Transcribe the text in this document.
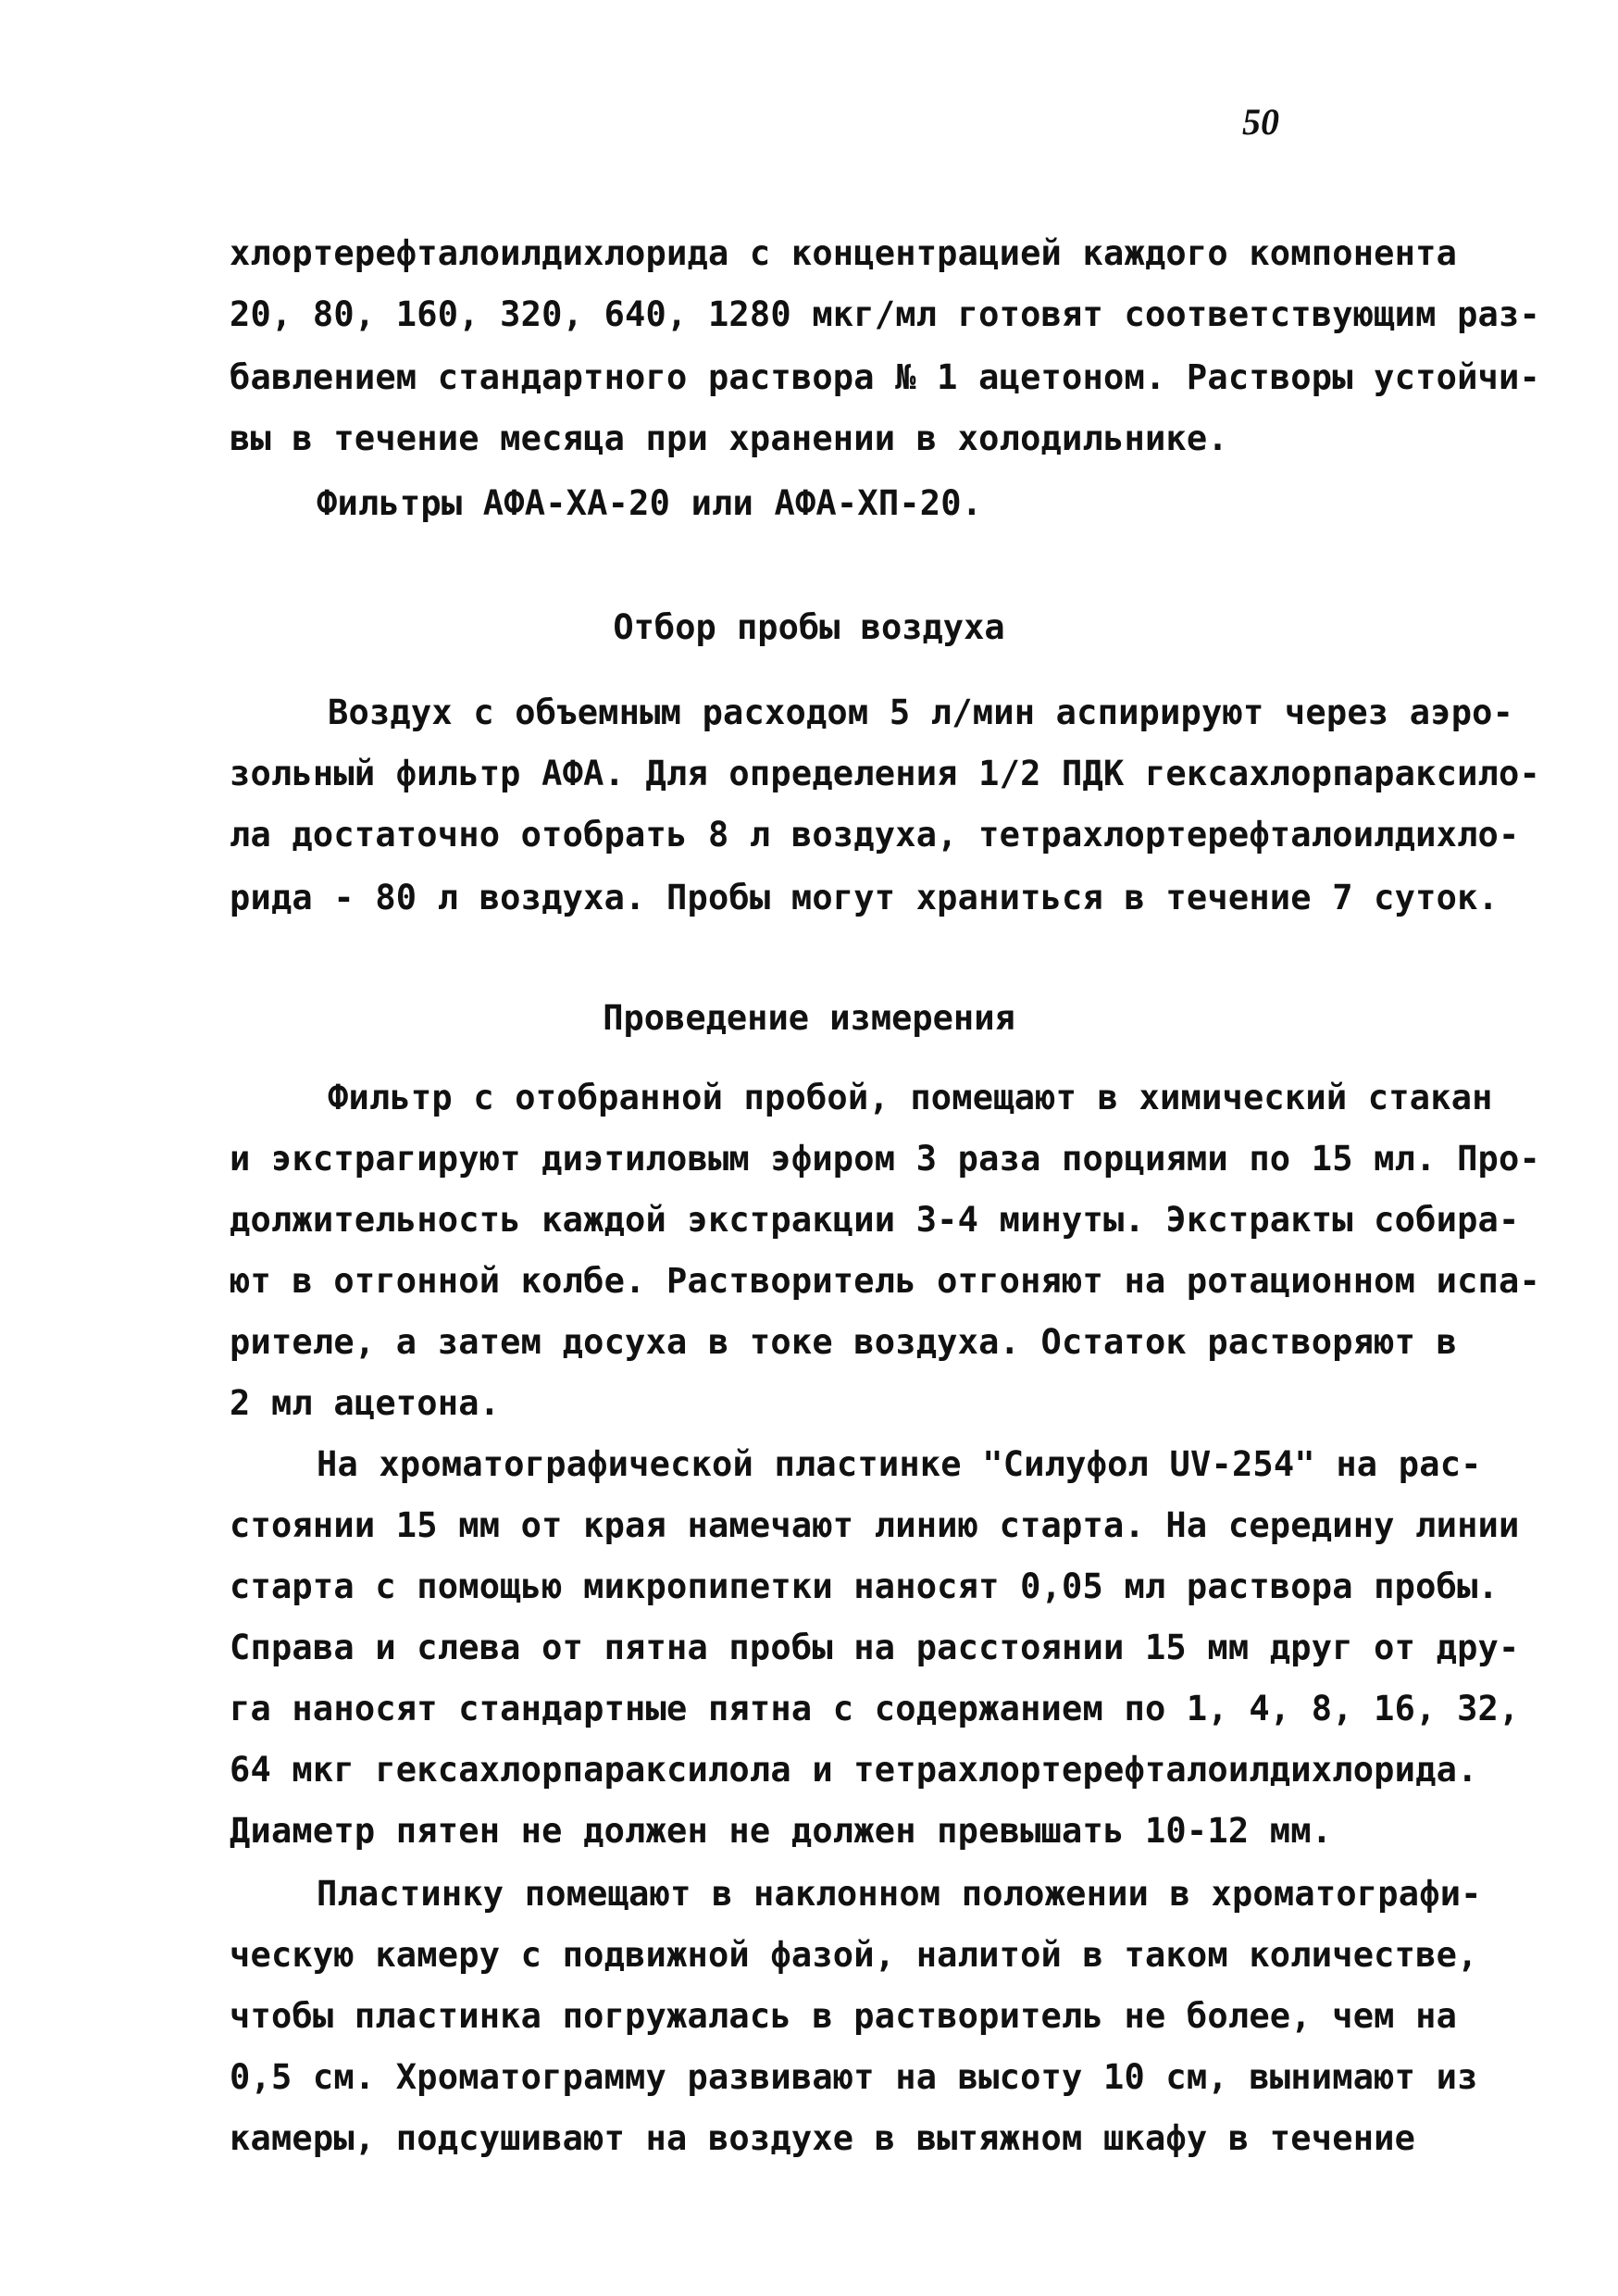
50
хлортерефталоилдихлорида с концентрацией каждого компонента
20, 80, 160, 320, 640, 1280 мкг/мл готовят соответствующим раз-
бавлением стандартного раствора № 1 ацетоном. Растворы устойчи-
вы в течение месяца при хранении в холодильнике.
Фильтры АФА-ХА-20 или АФА-ХП-20.
Отбор пробы воздуха
Воздух с объемным расходом 5 л/мин аспирируют через аэро-
зольный фильтр АФА. Для определения 1/2 ПДК гексахлорпараксило-
ла достаточно отобрать 8 л воздуха, тетрахлортерефталоилдихло-
рида - 80 л воздуха. Пробы могут храниться в течение 7 суток.
Проведение измерения
Фильтр с отобранной пробой, помещают в химический стакан
и экстрагируют диэтиловым эфиром 3 раза порциями по 15 мл. Про-
должительность каждой экстракции 3-4 минуты. Экстракты собира-
ют в отгонной колбе. Растворитель отгоняют на ротационном испа-
рителе, а затем досуха в токе воздуха. Остаток растворяют в
2 мл ацетона.
На хроматографической пластинке "Силуфол UV-254" на рас-
стоянии 15 мм от края намечают линию старта. На середину линии
старта с помощью микропипетки наносят 0,05 мл раствора пробы.
Справа и слева от пятна пробы на расстоянии 15 мм друг от дру-
га наносят стандартные пятна с содержанием по 1, 4, 8, 16, 32,
64 мкг гексахлорпараксилола и тетрахлортерефталоилдихлорида.
Диаметр пятен не должен не должен превышать 10-12 мм.
Пластинку помещают в наклонном положении в хроматографи-
ческую камеру с подвижной фазой, налитой в таком количестве,
чтобы пластинка погружалась в растворитель не более, чем на
0,5 см. Хроматограмму развивают на высоту 10 см, вынимают из
камеры, подсушивают на воздухе в вытяжном шкафу в течение
